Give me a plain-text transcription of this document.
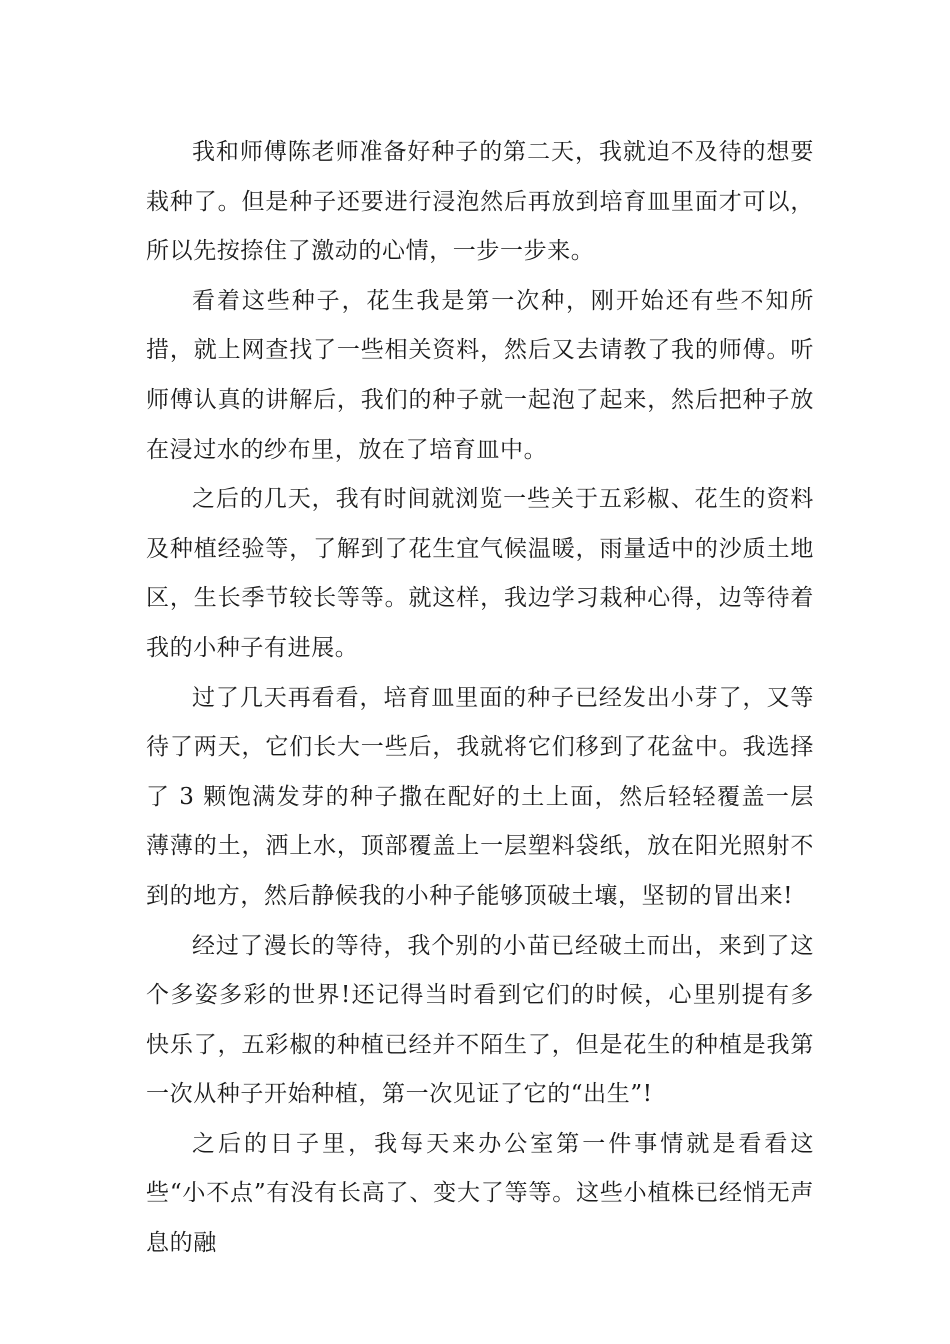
我和师傅陈老师准备好种子的第二天，我就迫不及待的想要栽种了。但是种子还要进行浸泡然后再放到培育皿里面才可以，所以先按捺住了激动的心情，一步一步来。

看着这些种子，花生我是第一次种，刚开始还有些不知所措，就上网查找了一些相关资料，然后又去请教了我的师傅。听师傅认真的讲解后，我们的种子就一起泡了起来，然后把种子放在浸过水的纱布里，放在了培育皿中。

之后的几天，我有时间就浏览一些关于五彩椒、花生的资料及种植经验等，了解到了花生宜气候温暖，雨量适中的沙质土地区，生长季节较长等等。就这样，我边学习栽种心得，边等待着我的小种子有进展。

过了几天再看看，培育皿里面的种子已经发出小芽了，又等待了两天，它们长大一些后，我就将它们移到了花盆中。我选择了 3 颗饱满发芽的种子撒在配好的土上面，然后轻轻覆盖一层薄薄的土，洒上水，顶部覆盖上一层塑料袋纸，放在阳光照射不到的地方，然后静候我的小种子能够顶破土壤，坚韧的冒出来!

经过了漫长的等待，我个别的小苗已经破土而出，来到了这个多姿多彩的世界!还记得当时看到它们的时候，心里别提有多快乐了，五彩椒的种植已经并不陌生了，但是花生的种植是我第一次从种子开始种植，第一次见证了它的“出生”!

之后的日子里，我每天来办公室第一件事情就是看看这些“小不点”有没有长高了、变大了等等。这些小植株已经悄无声息的融
